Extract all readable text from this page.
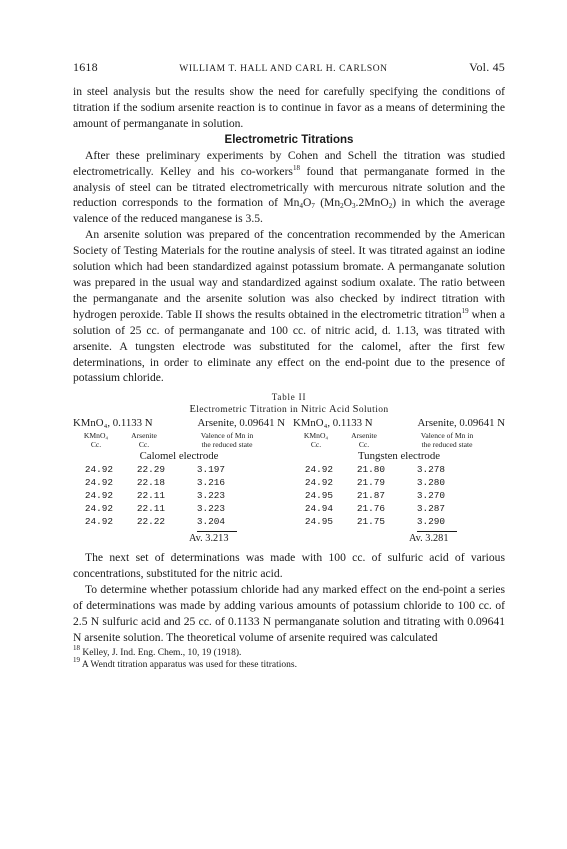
1618	WILLIAM T. HALL AND CARL H. CARLSON	Vol. 45

in steel analysis but the results show the need for carefully specifying the conditions of titration if the sodium arsenite reaction is to continue in favor as a means of determining the amount of permanganate in solution.

Electrometric Titrations

After these preliminary experiments by Cohen and Schell the titration was studied electrometrically. Kelley and his co-workers$^{18}$ found that permanganate formed in the analysis of steel can be titrated electrometrically with mercurous nitrate solution and the reduction corresponds to the formation of $Mn_4O_7$ $(Mn_2O_3.2MnO_2)$ in which the average valence of the reduced manganese is 3.5.

An arsenite solution was prepared of the concentration recommended by the American Society of Testing Materials for the routine analysis of steel. It was titrated against an iodine solution which had been standardized against potassium bromate. A permanganate solution was prepared in the usual way and standardized against sodium oxalate. The ratio between the permanganate and the arsenite solution was also checked by indirect titration with hydrogen peroxide. Table II shows the results obtained in the electrometric titration$^{19}$ when a solution of 25 cc. of permanganate and 100 cc. of nitric acid, d. 1.13, was titrated with arsenite. A tungsten electrode was substituted for the calomel, after the first few determinations, in order to eliminate any effect on the end-point due to the presence of potassium chloride.

Table II
Electrometric Titration in Nitric Acid Solution
KMnO₄, 0.1133 N	Arsenite, 0.09641 N
KMnO₄
Cc.
Arsenite
Cc.
Valence of Mn in
the reduced state
Calomel electrode
24.92	22.29	3.197
24.92	22.18	3.216
24.92	22.11	3.223
24.92	22.11	3.223
24.92	22.22	3.204
Av. 3.213
KMnO₄, 0.1133 N	Arsenite, 0.09641 N
KMnO₄
Cc.
Arsenite
Cc.
Valence of Mn in
the reduced state
Tungsten electrode
24.92	21.80	3.278
24.92	21.79	3.280
24.95	21.87	3.270
24.94	21.76	3.287
24.95	21.75	3.290
Av. 3.281

The next set of determinations was made with 100 cc. of sulfuric acid of various concentrations, substituted for the nitric acid.

To determine whether potassium chloride had any marked effect on the end-point a series of determinations was made by adding various amounts of potassium chloride to 100 cc. of 2.5 N sulfuric acid and 25 cc. of 0.1133 N permanganate solution and titrating with 0.09641 N arsenite solution. The theoretical volume of arsenite required was calculated

$^{18}$ Kelley, J. Ind. Eng. Chem., 10, 19 (1918).

$^{19}$ A Wendt titration apparatus was used for these titrations.
